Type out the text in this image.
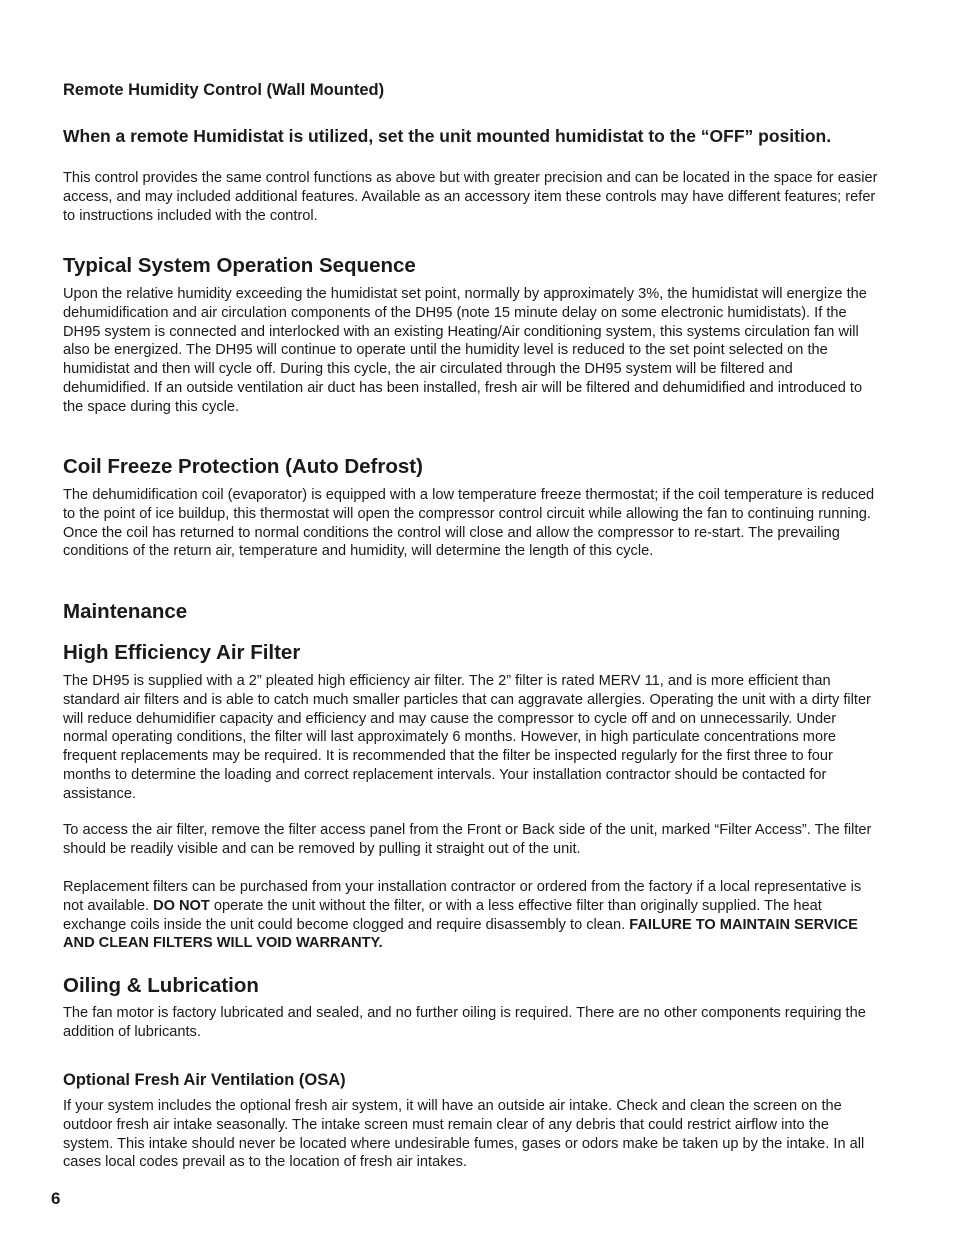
Remote Humidity Control (Wall Mounted)
When a remote Humidistat is utilized, set the unit mounted humidistat to the “OFF” position.

This control provides the same control functions as above but with greater precision and can be located in the space for easier access, and may included additional features. Available as an accessory item these controls may have different features; refer to instructions included with the control.

Typical System Operation Sequence

Upon the relative humidity exceeding the humidistat set point, normally by approximately 3%, the humidistat will energize the dehumidification and air circulation components of the DH95 (note 15 minute delay on some electronic humidistats). If the DH95 system is connected and interlocked with an existing Heating/Air conditioning system, this systems circulation fan will also be energized. The DH95 will continue to operate until the humidity level is reduced to the set point selected on the humidistat and then will cycle off. During this cycle, the air circulated through the DH95 system will be filtered and dehumidified. If an outside ventilation air duct has been installed, fresh air will be filtered and dehumidified and introduced to the space during this cycle.

Coil Freeze Protection (Auto Defrost)

The dehumidification coil (evaporator) is equipped with a low temperature freeze thermostat; if the coil temperature is reduced to the point of ice buildup, this thermostat will open the compressor control circuit while allowing the fan to continuing running. Once the coil has returned to normal conditions the control will close and allow the compressor to re-start. The prevailing conditions of the return air, temperature and humidity, will determine the length of this cycle.

Maintenance
High Efficiency Air Filter

The DH95 is supplied with a 2” pleated high efficiency air filter. The 2” filter is rated MERV 11, and is more efficient than standard air filters and is able to catch much smaller particles that can aggravate allergies. Operating the unit with a dirty filter will reduce dehumidifier capacity and efficiency and may cause the compressor to cycle off and on unnecessarily. Under normal operating conditions, the filter will last approximately 6 months. However, in high particulate concentrations more frequent replacements may be required. It is recommended that the filter be inspected regularly for the first three to four months to determine the loading and correct replacement intervals. Your installation contractor should be contacted for assistance.

To access the air filter, remove the filter access panel from the Front or Back side of the unit, marked “Filter Access”. The filter should be readily visible and can be removed by pulling it straight out of the unit.

Replacement filters can be purchased from your installation contractor or ordered from the factory if a local representative is not available. DO NOT operate the unit without the filter, or with a less effective filter than originally supplied. The heat exchange coils inside the unit could become clogged and require disassembly to clean. FAILURE TO MAINTAIN SERVICE AND CLEAN FILTERS WILL VOID WARRANTY.

Oiling & Lubrication

The fan motor is factory lubricated and sealed, and no further oiling is required. There are no other components requiring the addition of lubricants.

Optional Fresh Air Ventilation (OSA)

If your system includes the optional fresh air system, it will have an outside air intake. Check and clean the screen on the outdoor fresh air intake seasonally. The intake screen must remain clear of any debris that could restrict airflow into the system. This intake should never be located where undesirable fumes, gases or odors make be taken up by the intake. In all cases local codes prevail as to the location of fresh air intakes.

6
